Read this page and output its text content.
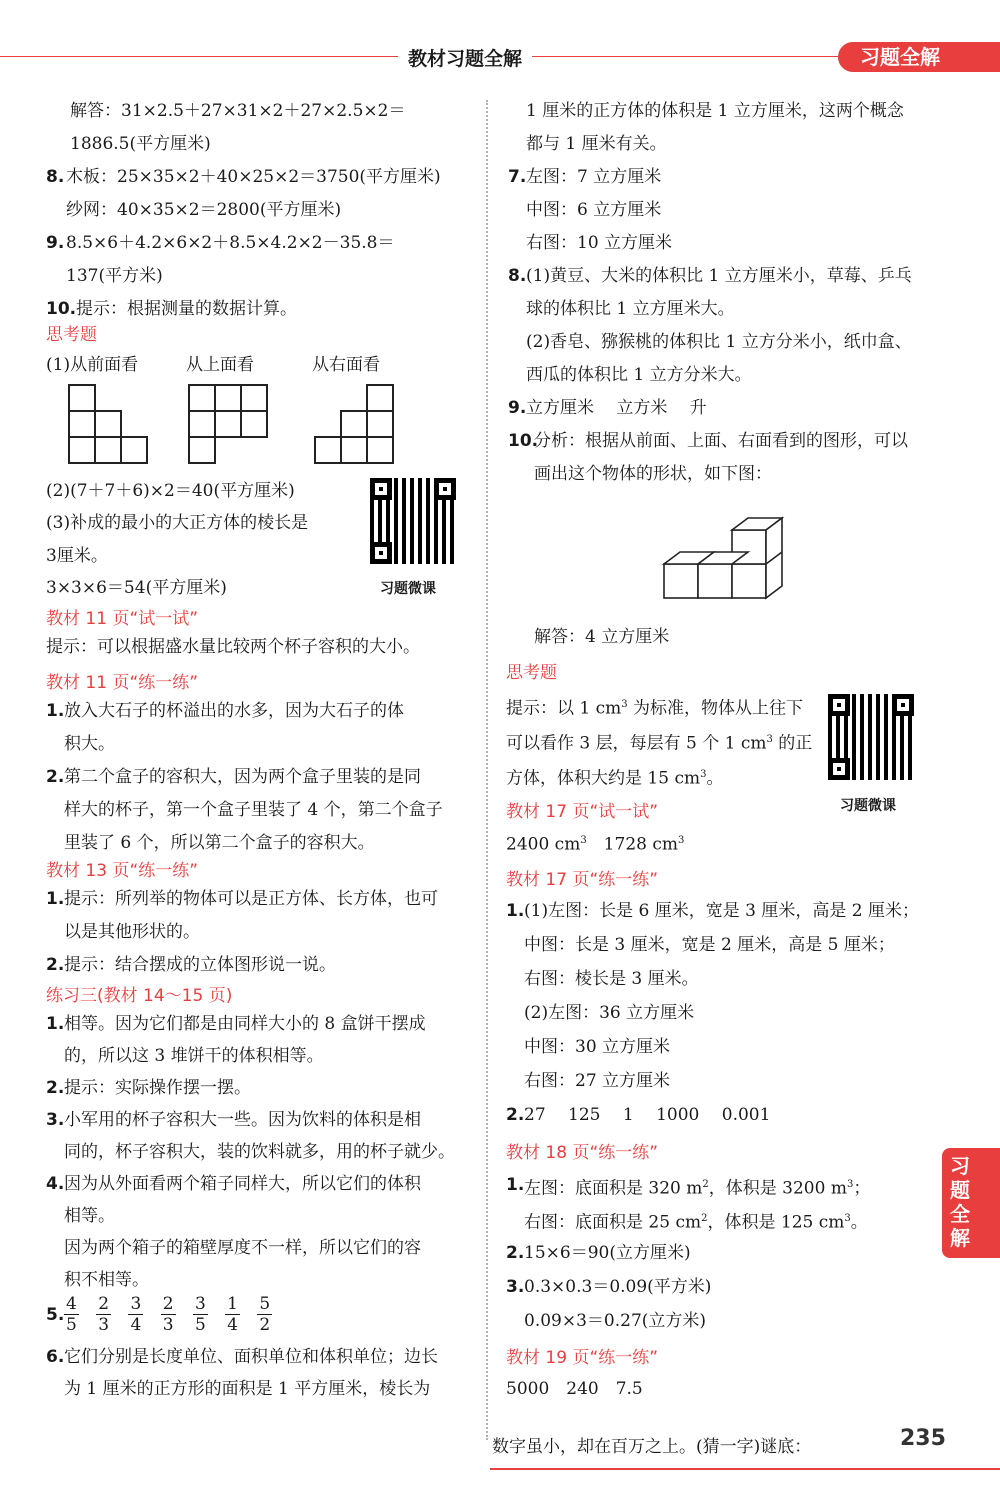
教材习题全解	习题全解
解答：31×2.5＋27×31×2＋27×2.5×2＝
1886.5(平方厘米)
8. 木板：25×35×2＋40×25×2＝3750(平方厘米)
纱网：40×35×2＝2800(平方厘米)
9. 8.5×6＋4.2×6×2＋8.5×4.2×2－35.8＝
137(平方米)
10. 提示：根据测量的数据计算。
思考题
(1)从前面看	从上面看	从右面看
(2)(7＋7＋6)×2＝40(平方厘米)
(3)补成的最小的大正方体的棱长是
3厘米。
3×3×6＝54(平方厘米)	习题微课
教材 11 页“试一试”
提示：可以根据盛水量比较两个杯子容积的大小。
教材 11 页“练一练”
1. 放入大石子的杯溢出的水多，因为大石子的体
积大。
2. 第二个盒子的容积大，因为两个盒子里装的是同
样大的杯子，第一个盒子里装了 4 个，第二个盒子
里装了 6 个，所以第二个盒子的容积大。
教材 13 页“练一练”
1. 提示：所列举的物体可以是正方体、长方体，也可
以是其他形状的。
2. 提示：结合摆成的立体图形说一说。
练习三(教材 14～15 页)
1. 相等。因为它们都是由同样大小的 8 盒饼干摆成
的，所以这 3 堆饼干的体积相等。
2. 提示：实际操作摆一摆。
3. 小军用的杯子容积大一些。因为饮料的体积是相
同的，杯子容积大，装的饮料就多，用的杯子就少。
4. 因为从外面看两个箱子同样大，所以它们的体积
相等。
因为两个箱子的箱壁厚度不一样，所以它们的容
积不相等。
5. $\frac{4}{5}$
$\frac{2}{3}$
$\frac{3}{4}$
$\frac{2}{3}$
$\frac{3}{5}$
$\frac{1}{4}$
$\frac{5}{2}$
6. 它们分别是长度单位、面积单位和体积单位；边长
为 1 厘米的正方形的面积是 1 平方厘米，棱长为
1 厘米的正方体的体积是 1 立方厘米，这两个概念
都与 1 厘米有关。
7. 左图：7 立方厘米
中图：6 立方厘米
右图：10 立方厘米
8. (1)黄豆、大米的体积比 1 立方厘米小，草莓、乒乓
球的体积比 1 立方厘米大。
(2)香皂、猕猴桃的体积比 1 立方分米小，纸巾盒、
西瓜的体积比 1 立方分米大。
9. 立方厘米　 立方米　 升
10.
分析：根据从前面、上面、右面看到的图形，可以
画出这个物体的形状，如下图：
解答：4 立方厘米
思考题
提示：以 1 $cm^3$ 为标准，物体从上往下
可以看作 3 层，每层有 5 个 1 $cm^3$ 的正
方体，体积大约是 15 $cm^3$。
习题微课
教材 17 页“试一试”
2400 $cm^3$　1728 $cm^3$
教材 17 页“练一练”
1. (1)左图：长是 6 厘米，宽是 3 厘米，高是 2 厘米；
中图：长是 3 厘米，宽是 2 厘米，高是 5 厘米；
右图：棱长是 3 厘米。
(2)左图：36 立方厘米
中图：30 立方厘米
右图：27 立方厘米
2. 27　 125　 1　 1000　 0.001
教材 18 页“练一练”
1. 左图：底面积是 320 $m^2$，体积是 3200 $m^3$；
右图：底面积是 25 $cm^2$，体积是 125 $cm^3$。
2. 15×6＝90(立方厘米)
3. 0.3×0.3＝0.09(平方米)
0.09×3＝0.27(立方米)
教材 19 页“练一练”
5000　240　7.5
习题全解
数字虽小，却在百万之上。(猜一字)谜底：	235
